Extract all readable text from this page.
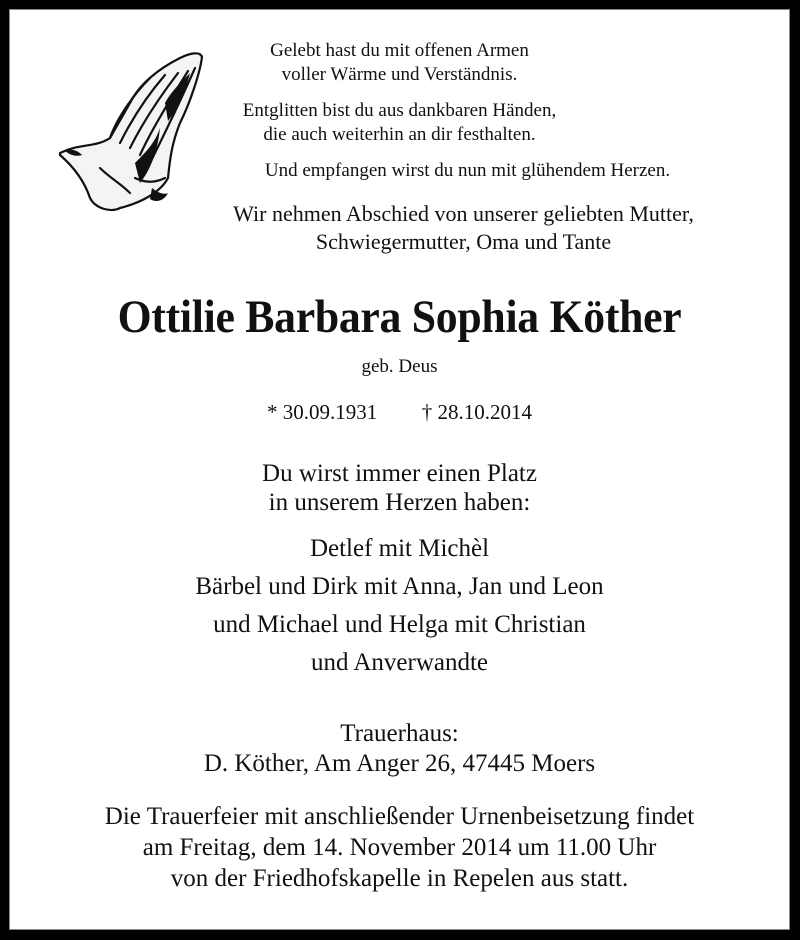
Gelebt hast du mit offenen Armen
voller Wärme und Verständnis.
Entglitten bist du aus dankbaren Händen,
die auch weiterhin an dir festhalten.
Und empfangen wirst du nun mit glühendem Herzen.
Wir nehmen Abschied von unserer geliebten Mutter,
Schwiegermutter, Oma und Tante
Ottilie Barbara Sophia Köther
geb. Deus
* 30.09.1931 † 28.10.2014
Du wirst immer einen Platz
in unserem Herzen haben:
Detlef mit Michèl
Bärbel und Dirk mit Anna, Jan und Leon
und Michael und Helga mit Christian
und Anverwandte
Trauerhaus:
D. Köther, Am Anger 26, 47445 Moers
Die Trauerfeier mit anschließender Urnenbeisetzung findet
am Freitag, dem 14. November 2014 um 11.00 Uhr
von der Friedhofskapelle in Repelen aus statt.
